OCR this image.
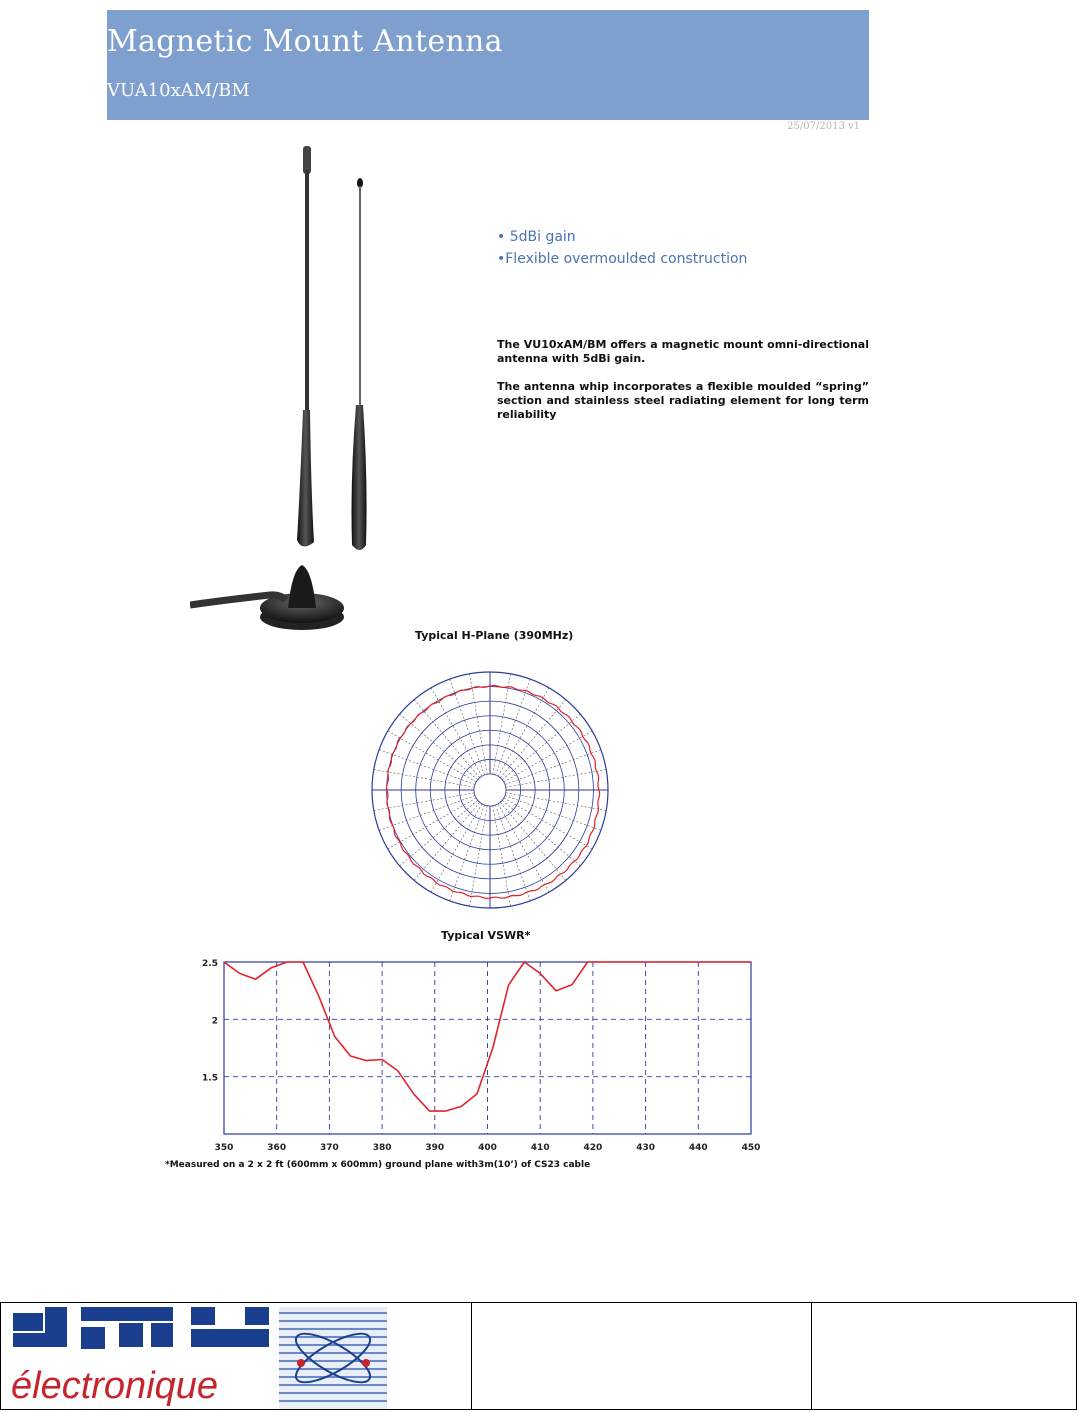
Magnetic Mount Antenna
VUA10xAM/BM
25/07/2013 v1
• 5dBi gain
•Flexible overmoulded construction

The VU10xAM/BM offers a magnetic mount omni-directional antenna with 5dBi gain.

The antenna whip incorporates a flexible moulded “spring” section and stainless steel radiating element for long term reliability

Typical H-Plane (390MHz)
Typical VSWR*
350	360	370	380	390	400	410	420	430	440	450
2.5
2
1.5
*Measured on a 2 x 2 ft (600mm x 600mm) ground plane with3m(10’) of CS23 cable
électronique
